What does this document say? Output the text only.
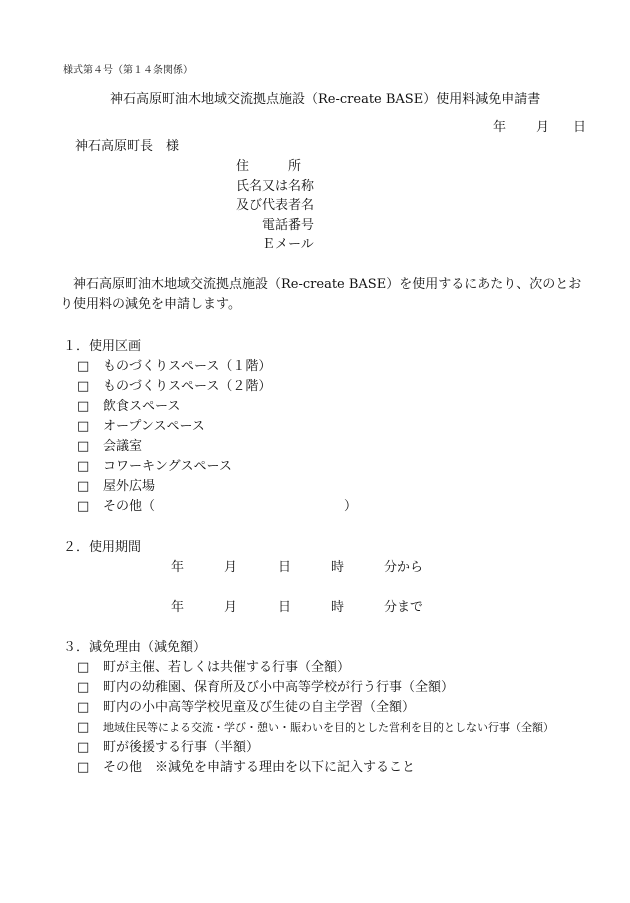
様式第４号（第１４条関係）
神石高原町油木地域交流拠点施設（Re-create BASE）使用料減免申請書
年 月 日
神石高原町長　様
住　　　所
氏名又は名称
及び代表者名
電話番号
Ｅメール
　神石高原町油木地域交流拠点施設（Re-create BASE）を使用するにあたり、次のとお
り使用料の減免を申請します。
１．使用区画
□ ものづくりスペース（１階）
□ ものづくりスペース（２階）
□ 飲食スペース
□ オープンスペース
□ 会議室
□ コワーキングスペース
□ 屋外広場
□ その他（	）
２．使用期間
年	月	日	時	分から
年	月	日	時	分まで
３．減免理由（減免額）
□ 町が主催、若しくは共催する行事（全額）
□ 町内の幼稚園、保育所及び小中高等学校が行う行事（全額）
□ 町内の小中高等学校児童及び生徒の自主学習（全額）
□ 地域住民等による交流・学び・憩い・賑わいを目的とした営利を目的としない行事（全額）
□ 町が後援する行事（半額）
□ その他　※減免を申請する理由を以下に記入すること
